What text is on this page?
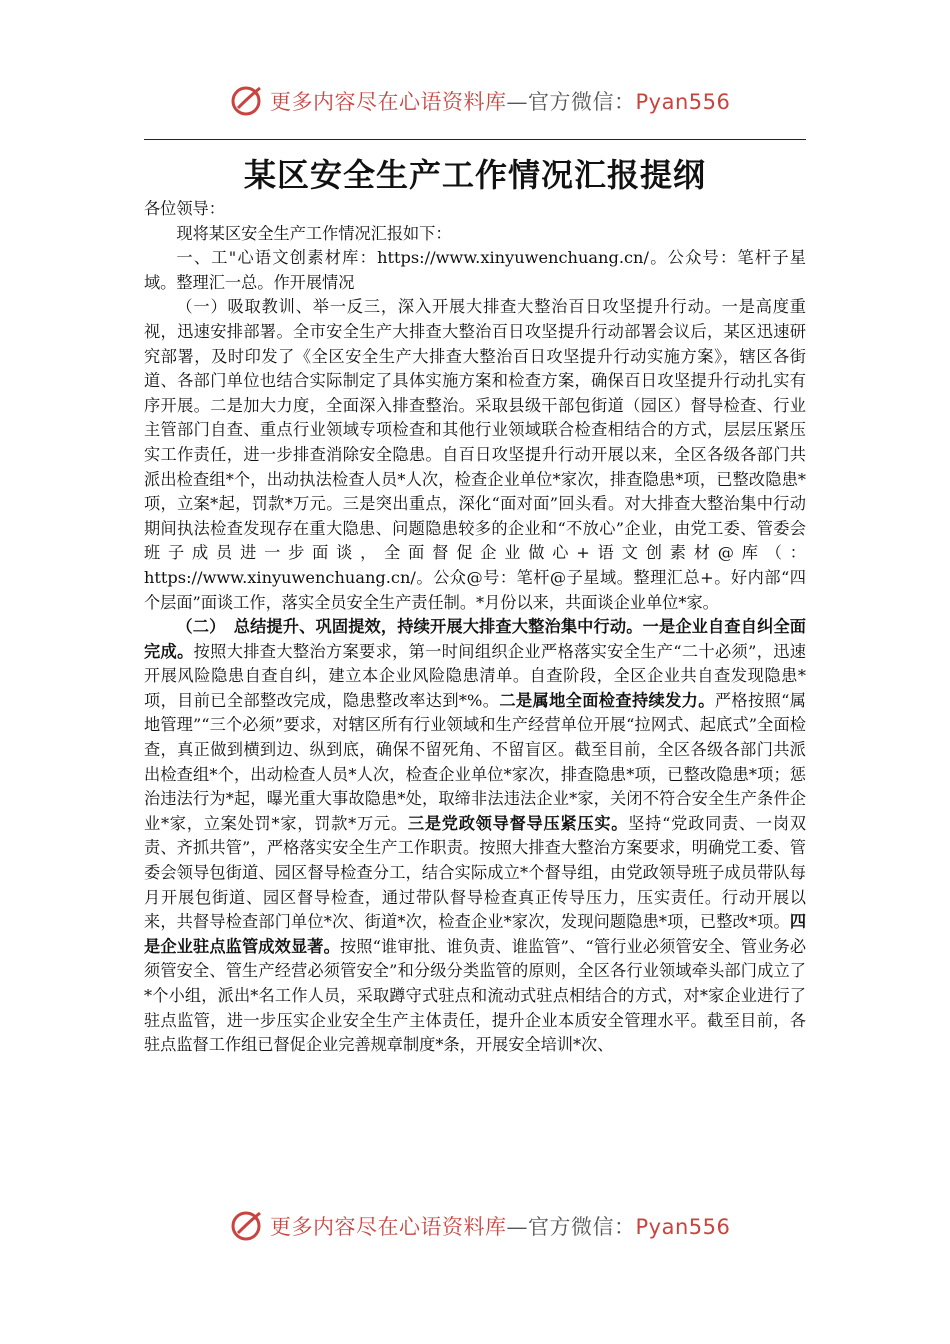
更多内容尽在心语资料库—官方微信：Pyan556
某区安全生产工作情况汇报提纲

各位领导：

现将某区安全生产工作情况汇报如下：

一、工"心语文创素材库：https://www.xinyuwenchuang.cn/。公众号：笔杆子星域。整理汇一总。作开展情况

（一）吸取教训、举一反三，深入开展大排查大整治百日攻坚提升行动。一是高度重视，迅速安排部署。全市安全生产大排查大整治百日攻坚提升行动部署会议后，某区迅速研究部署，及时印发了《全区安全生产大排查大整治百日攻坚提升行动实施方案》，辖区各街道、各部门单位也结合实际制定了具体实施方案和检查方案，确保百日攻坚提升行动扎实有序开展。二是加大力度，全面深入排查整治。采取县级干部包街道（园区）督导检查、行业主管部门自查、重点行业领域专项检查和其他行业领域联合检查相结合的方式，层层压紧压实工作责任，进一步排查消除安全隐患。自百日攻坚提升行动开展以来，全区各级各部门共派出检查组*个，出动执法检查人员*人次，检查企业单位*家次，排查隐患*项，已整改隐患*项，立案*起，罚款*万元。三是突出重点，深化“面对面”回头看。对大排查大整治集中行动期间执法检查发现存在重大隐患、问题隐患较多的企业和“不放心”企业，由党工委、管委会班子成员进一步面谈，全面督促企业做心+语文创素材@库（：https://www.xinyuwenchuang.cn/。公众@号：笔杆@子星域。整理汇总+。好内部“四个层面”面谈工作，落实全员安全生产责任制。*月份以来，共面谈企业单位*家。

（二）　总结提升、巩固提效，持续开展大排查大整治集中行动。一是企业自查自纠全面完成。按照大排查大整治方案要求，第一时间组织企业严格落实安全生产“二十必须”，迅速开展风险隐患自查自纠，建立本企业风险隐患清单。自查阶段，全区企业共自查发现隐患*项，目前已全部整改完成，隐患整改率达到*%。二是属地全面检查持续发力。严格按照“属地管理”“三个必须”要求，对辖区所有行业领域和生产经营单位开展“拉网式、起底式”全面检查，真正做到横到边、纵到底，确保不留死角、不留盲区。截至目前，全区各级各部门共派出检查组*个，出动检查人员*人次，检查企业单位*家次，排查隐患*项，已整改隐患*项；惩治违法行为*起，曝光重大事故隐患*处，取缔非法违法企业*家，关闭不符合安全生产条件企业*家，立案处罚*家，罚款*万元。三是党政领导督导压紧压实。坚持“党政同责、一岗双责、齐抓共管”，严格落实安全生产工作职责。按照大排查大整治方案要求，明确党工委、管委会领导包街道、园区督导检查分工，结合实际成立*个督导组，由党政领导班子成员带队每月开展包街道、园区督导检查，通过带队督导检查真正传导压力，压实责任。行动开展以来，共督导检查部门单位*次、街道*次，检查企业*家次，发现问题隐患*项，已整改*项。四是企业驻点监管成效显著。按照“谁审批、谁负责、谁监管”、“管行业必须管安全、管业务必须管安全、管生产经营必须管安全”和分级分类监管的原则，全区各行业领域牵头部门成立了*个小组，派出*名工作人员，采取蹲守式驻点和流动式驻点相结合的方式，对*家企业进行了驻点监管，进一步压实企业安全生产主体责任，提升企业本质安全管理水平。截至目前，各驻点监督工作组已督促企业完善规章制度*条，开展安全培训*次、

更多内容尽在心语资料库—官方微信：Pyan556
